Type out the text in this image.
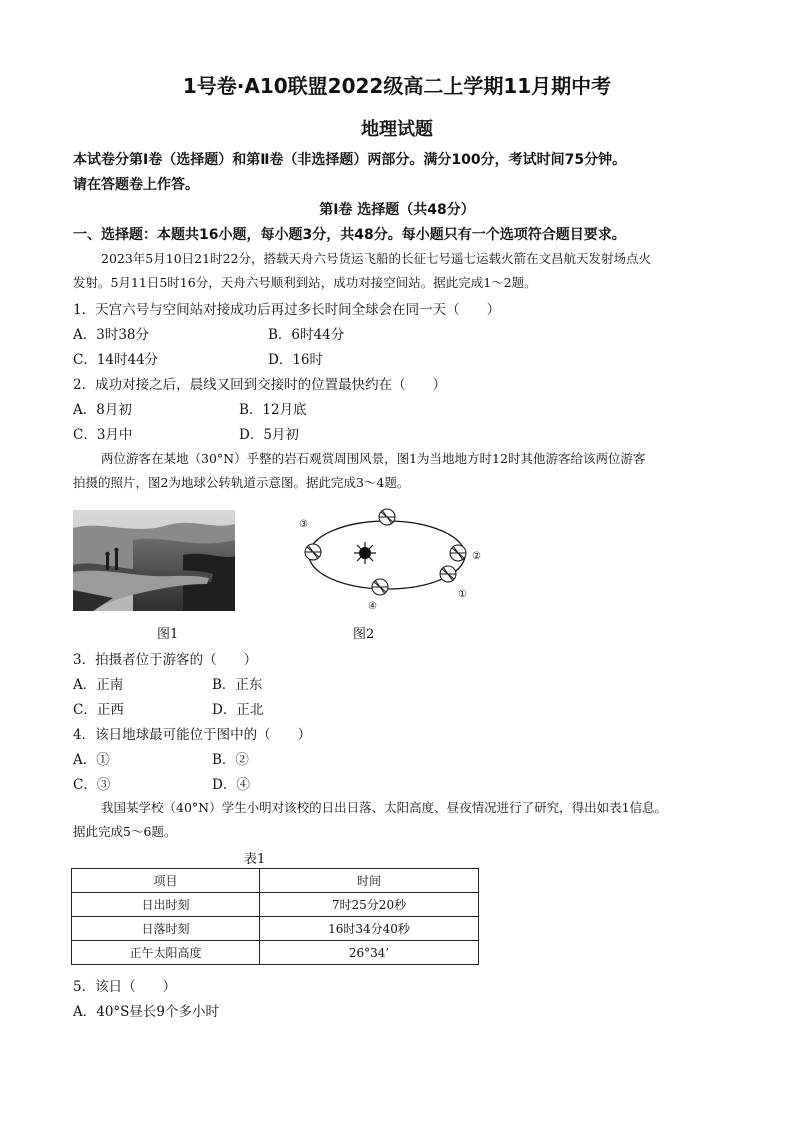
1号卷·A10联盟2022级高二上学期11月期中考
地理试题
本试卷分第Ⅰ卷（选择题）和第Ⅱ卷（非选择题）两部分。满分100分，考试时间75分钟。
请在答题卷上作答。
第Ⅰ卷 选择题（共48分）
一、选择题：本题共16小题，每小题3分，共48分。每小题只有一个选项符合题目要求。
2023年5月10日21时22分，搭载天舟六号货运飞船的长征七号遥七运载火箭在文昌航天发射场点火
发射。5月11日5时16分，天舟六号顺利到站，成功对接空间站。据此完成1～2题。
1．天宫六号与空间站对接成功后再过多长时间全球会在同一天（　　）
A．3时38分	B．6时44分
C．14时44分	D．16时
2．成功对接之后，晨线又回到交接时的位置最快约在（　　）
A．8月初	B．12月底
C．3月中	D．5月初
两位游客在某地（30°N）乎整的岩石观赏周围风景，图1为当地地方时12时其他游客给该两位游客
拍摄的照片，图2为地球公转轨道示意图。据此完成3～4题。
图1
③
②
①
④
图2
3．拍摄者位于游客的（　　）
A．正南	B．正东
C．正西	D．正北
4．该日地球最可能位于图中的（　　）
A．①	B．②
C．③	D．④
我国某学校（40°N）学生小明对该校的日出日落、太阳高度、昼夜情况进行了研究，得出如表1信息。
据此完成5～6题。
表1
项目	时间
日出时刻	7时25分20秒
日落时刻	16时34分40秒
正午太阳高度	26°34’
5．该日（　　）
A．40°S昼长9个多小时
